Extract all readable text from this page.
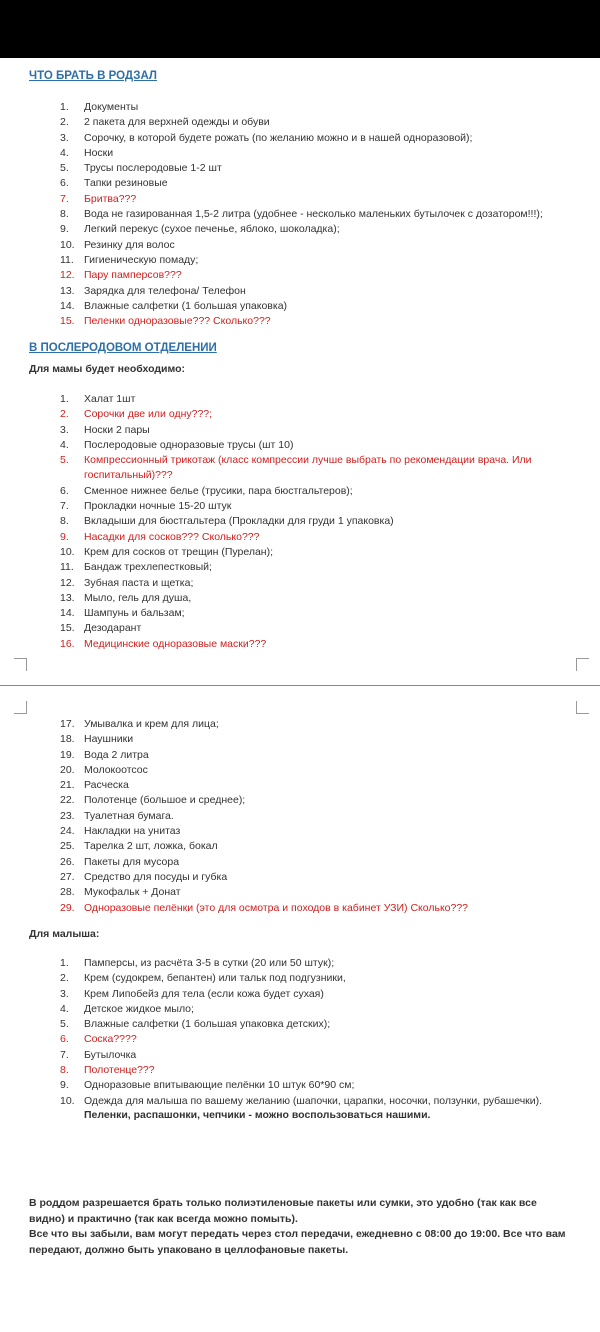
ЧТО БРАТЬ В РОДЗАЛ
1.	Документы
2.	2 пакета для верхней одежды и обуви
3.	Сорочку, в которой будете рожать (по желанию можно и в нашей одноразовой);
4.	Носки
5.	Трусы послеродовые 1-2 шт
6.	Тапки резиновые
7.	Бритва???
8.	Вода не газированная 1,5-2 литра (удобнее - несколько маленьких бутылочек с дозатором!!!);
9.	Легкий перекус (сухое печенье, яблоко, шоколадка);
10. Резинку для волос
11. Гигиеническую помаду;
12. Пару памперсов???
13. Зарядка для телефона/ Телефон
14. Влажные салфетки (1 большая упаковка)
15. Пеленки одноразовые??? Сколько???
В ПОСЛЕРОДОВОМ ОТДЕЛЕНИИ

Для мамы будет необходимо:

1.	Халат 1шт
2.	Сорочки две или одну???;
3.	Носки 2 пары
4.	Послеродовые одноразовые трусы (шт 10)
5.	Компрессионный трикотаж (класс компрессии лучше выбрать по рекомендации врача. Или госпитальный)???
6.	Сменное нижнее белье (трусики, пара бюстгальтеров);
7.	Прокладки ночные 15-20 штук
8.	Вкладыши для бюстгальтера (Прокладки для груди 1 упаковка)
9.	Насадки для сосков??? Сколько???
10. Крем для сосков от трещин (Пурелан);
11. Бандаж трехлепестковый;
12. Зубная паста и щетка;
13. Мыло, гель для душа,
14. Шампунь и бальзам;
15. Дезодарант
16. Медицинские одноразовые маски???
17. Умывалка и крем для лица;
18. Наушники
19. Вода 2 литра
20. Молокоотсос
21. Расческа
22. Полотенце (большое и среднее);
23. Туалетная бумага.
24. Накладки на унитаз
25. Тарелка 2 шт, ложка, бокал
26. Пакеты для мусора
27. Средство для посуды и губка
28. Мукофальк + Донат
29. Одноразовые пелёнки (это для осмотра и походов в кабинет УЗИ) Сколько???

Для малыша:

1.	Памперсы, из расчёта 3-5 в сутки (20 или 50 штук);
2.	Крем (судокрем, бепантен) или тальк под подгузники,
3.	Крем Липобейз для тела (если кожа будет сухая)
4.	Детское жидкое мыло;
5.	Влажные салфетки (1 большая упаковка детских);
6.	Соска????
7.	Бутылочка
8.	Полотенце???
9.	Одноразовые впитывающие пелёнки 10 штук 60*90 см;
10. Одежда для малыша по вашему желанию (шапочки, царапки, носочки, ползунки, рубашечки).

Пеленки, распашонки, чепчики - можно воспользоваться нашими.

В роддом разрешается брать только полиэтиленовые пакеты или сумки, это удобно (так как все видно) и практично (так как всегда можно помыть).

Все что вы забыли, вам могут передать через стол передачи, ежедневно с 08:00 до 19:00. Все что вам передают, должно быть упаковано в целлофановые пакеты.
